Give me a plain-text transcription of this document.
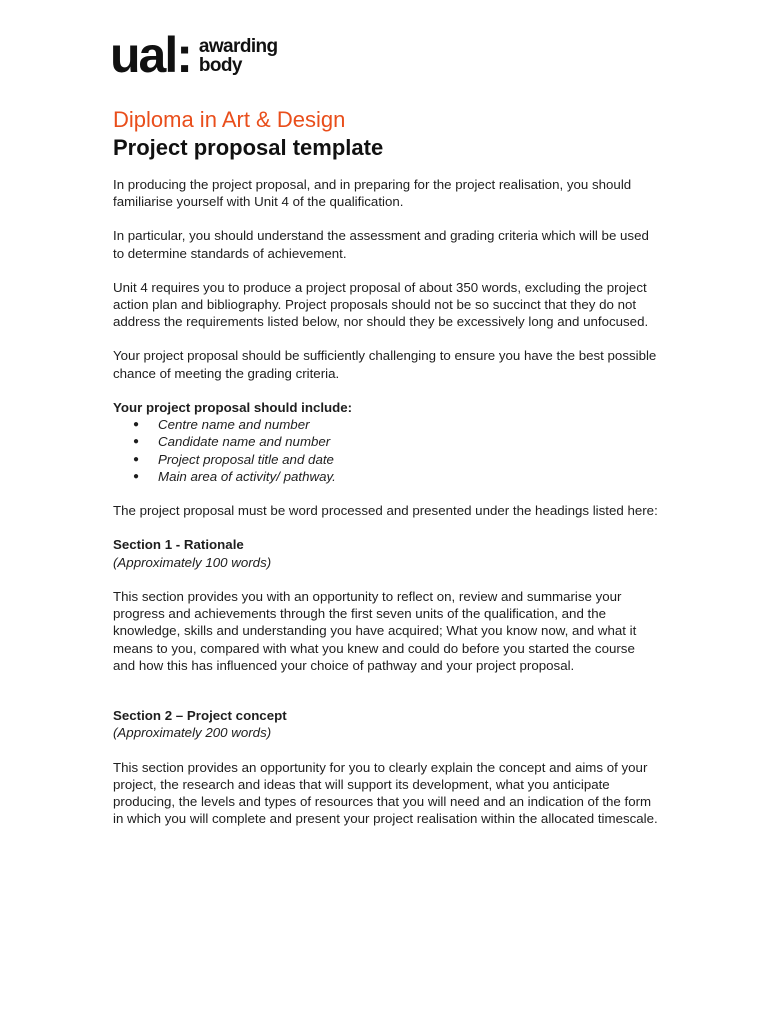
ual: awarding
body
Diploma in Art & Design
Project proposal template

In producing the project proposal, and in preparing for the project realisation, you should familiarise yourself with Unit 4 of the qualification.

In particular, you should understand the assessment and grading criteria which will be used to determine standards of achievement.

Unit 4 requires you to produce a project proposal of about 350 words, excluding the project action plan and bibliography. Project proposals should not be so succinct that they do not address the requirements listed below, nor should they be excessively long and unfocused.

Your project proposal should be sufficiently challenging to ensure you have the best possible chance of meeting the grading criteria.

Your project proposal should include:

● Centre name and number
● Candidate name and number
● Project proposal title and date
● Main area of activity/ pathway.

The project proposal must be word processed and presented under the headings listed here:

Section 1 - Rationale

(Approximately 100 words)

This section provides you with an opportunity to reflect on, review and summarise your progress and achievements through the first seven units of the qualification, and the knowledge, skills and understanding you have acquired; What you know now, and what it means to you, compared with what you knew and could do before you started the course and how this has influenced your choice of pathway and your project proposal.

Section 2 – Project concept

(Approximately 200 words)

This section provides an opportunity for you to clearly explain the concept and aims of your project, the research and ideas that will support its development, what you anticipate producing, the levels and types of resources that you will need and an indication of the form in which you will complete and present your project realisation within the allocated timescale.
